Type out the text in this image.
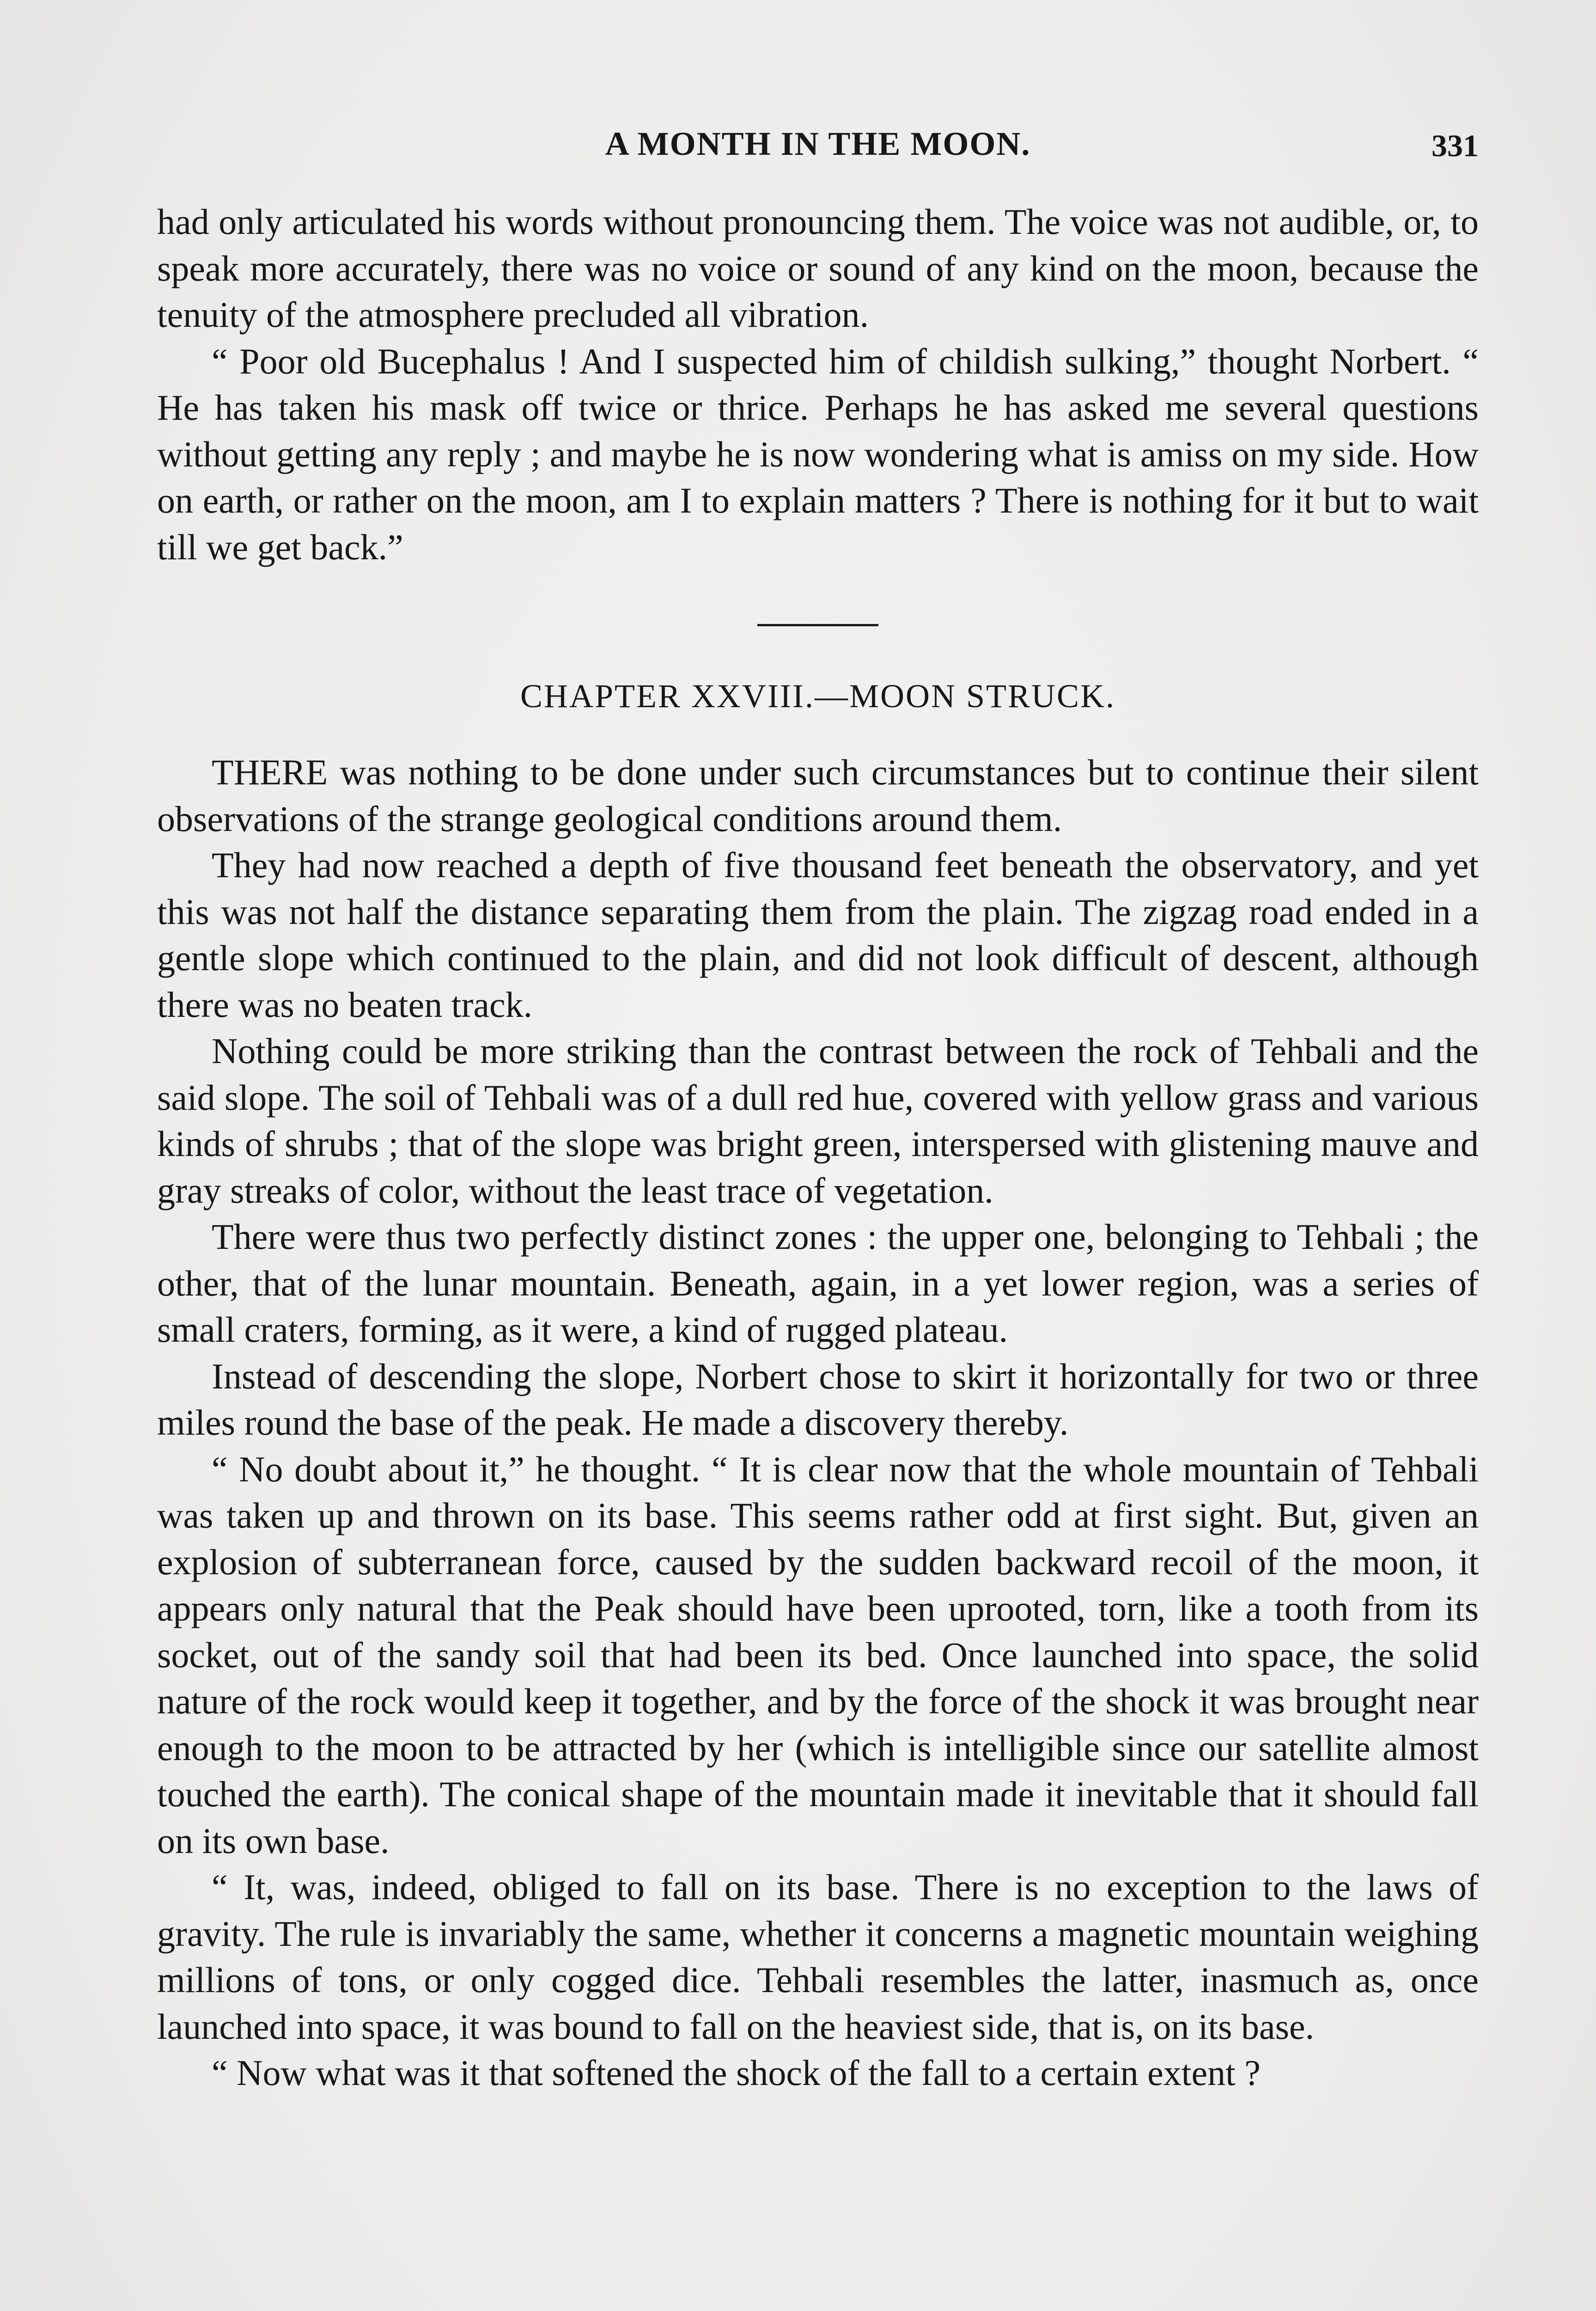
A MONTH IN THE MOON.	331

had only articulated his words without pronouncing them. The voice was not audible, or, to speak more accurately, there was no voice or sound of any kind on the moon, because the tenuity of the atmosphere precluded all vibration.

“ Poor old Bucephalus ! And I suspected him of childish sulking,” thought Norbert. “ He has taken his mask off twice or thrice. Perhaps he has asked me several questions without getting any reply ; and maybe he is now wondering what is amiss on my side. How on earth, or rather on the moon, am I to explain matters ? There is nothing for it but to wait till we get back.”

CHAPTER XXVIII.—MOON STRUCK.

THERE was nothing to be done under such circumstances but to continue their silent observations of the strange geological conditions around them.

They had now reached a depth of five thousand feet beneath the observatory, and yet this was not half the distance separating them from the plain. The zigzag road ended in a gentle slope which continued to the plain, and did not look difficult of descent, although there was no beaten track.

Nothing could be more striking than the contrast between the rock of Tehbali and the said slope. The soil of Tehbali was of a dull red hue, covered with yellow grass and various kinds of shrubs ; that of the slope was bright green, interspersed with glistening mauve and gray streaks of color, without the least trace of vegetation.

There were thus two perfectly distinct zones : the upper one, belonging to Tehbali ; the other, that of the lunar mountain. Beneath, again, in a yet lower region, was a series of small craters, forming, as it were, a kind of rugged plateau.

Instead of descending the slope, Norbert chose to skirt it horizontally for two or three miles round the base of the peak. He made a discovery thereby.

“ No doubt about it,” he thought. “ It is clear now that the whole mountain of Tehbali was taken up and thrown on its base. This seems rather odd at first sight. But, given an explosion of subterranean force, caused by the sudden backward recoil of the moon, it appears only natural that the Peak should have been uprooted, torn, like a tooth from its socket, out of the sandy soil that had been its bed. Once launched into space, the solid nature of the rock would keep it together, and by the force of the shock it was brought near enough to the moon to be attracted by her (which is intelligible since our satellite almost touched the earth). The conical shape of the mountain made it inevitable that it should fall on its own base.

“ It, was, indeed, obliged to fall on its base. There is no exception to the laws of gravity. The rule is invariably the same, whether it concerns a magnetic mountain weighing millions of tons, or only cogged dice. Tehbali resembles the latter, inasmuch as, once launched into space, it was bound to fall on the heaviest side, that is, on its base.

“ Now what was it that softened the shock of the fall to a certain extent ?
